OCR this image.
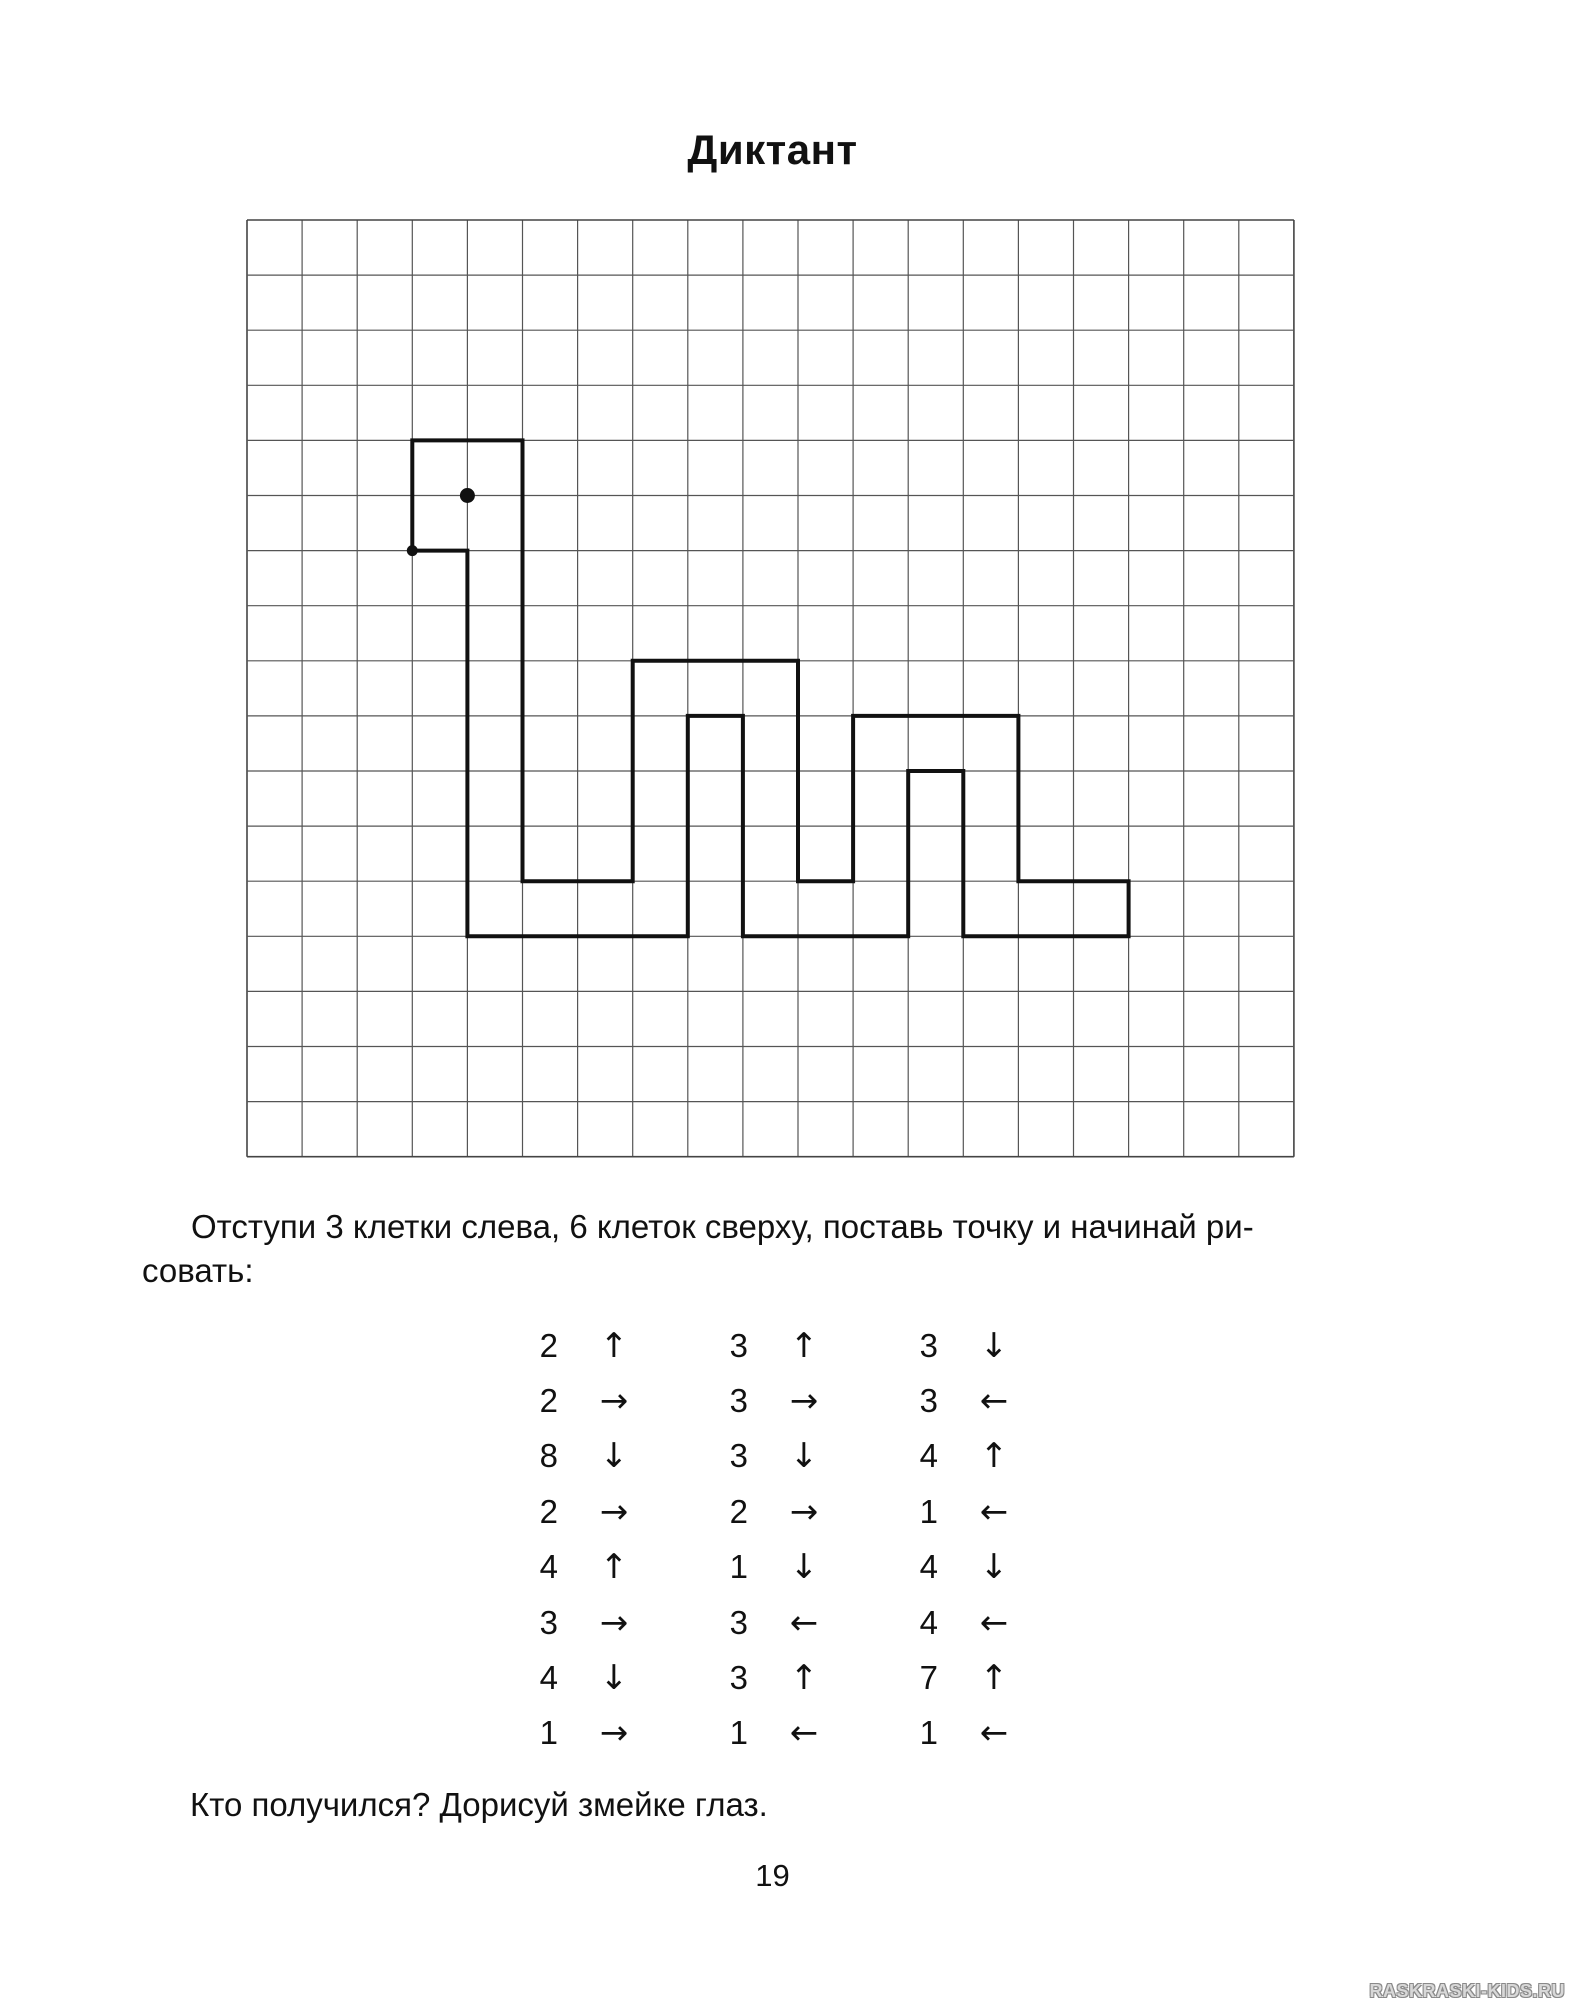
Диктант
Отступи 3 клетки слева, 6 клеток сверху, поставь точку и начинай ри-
совать:
2 ↑
2 →
8 ↓
2 →
4 ↑
3 →
4 ↓
1 →
3 ↑
3 →
3 ↓
2 →
1 ↓
3 ←
3 ↑
1 ←
3 ↓
3 ←
4 ↑
1 ←
4 ↓
4 ←
7 ↑
1 ←
Кто получился? Дорисуй змейке глаз.
19
RASKRASKI-KIDS.RU
